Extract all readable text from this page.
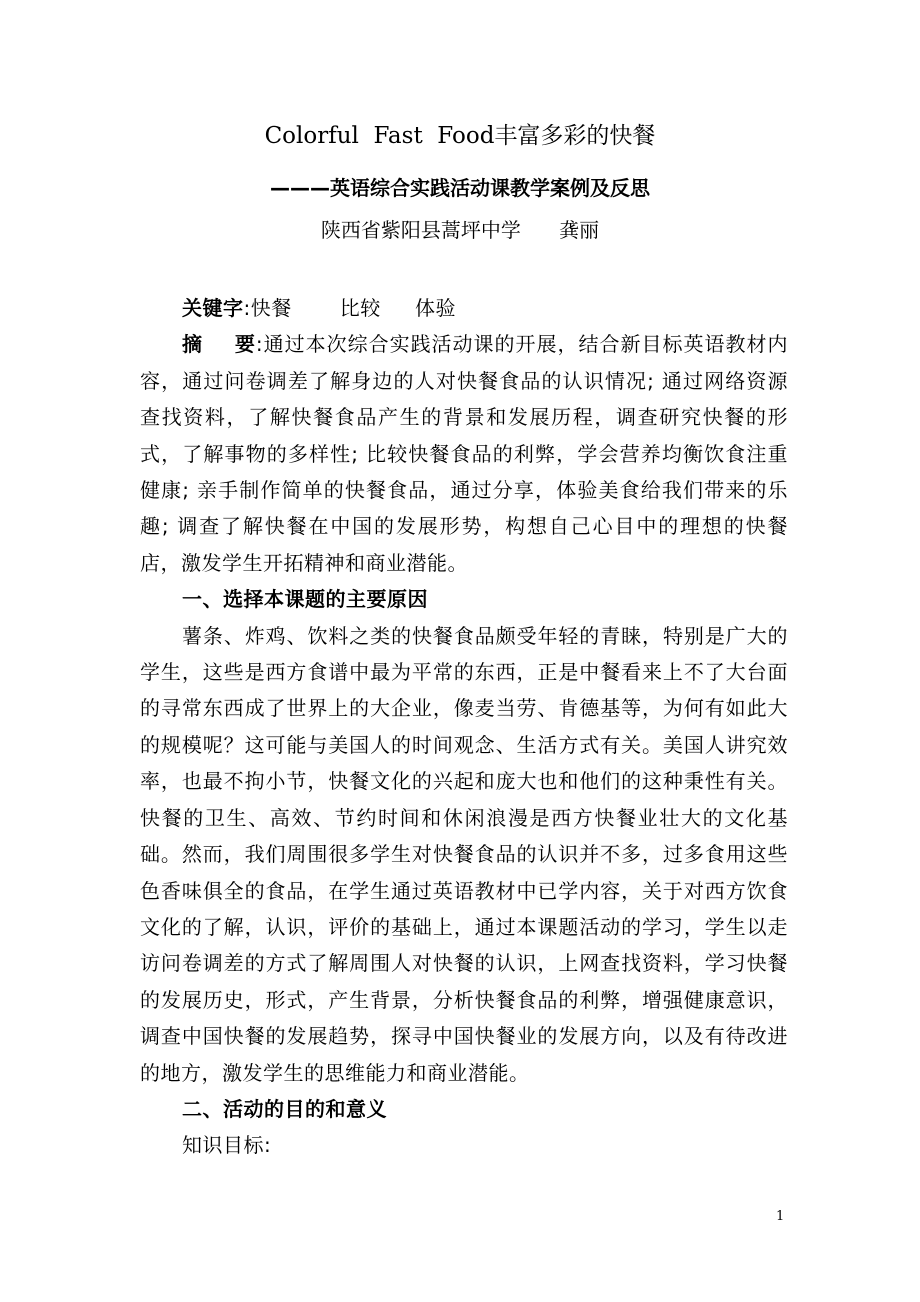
Colorful  Fast  Food丰富多彩的快餐
———英语综合实践活动课教学案例及反思
陕西省紫阳县蒿坪中学      龚丽

关键字:快餐       比较     体验

摘    要:通过本次综合实践活动课的开展，结合新目标英语教材内容，通过问卷调差了解身边的人对快餐食品的认识情况; 通过网络资源查找资料，了解快餐食品产生的背景和发展历程，调查研究快餐的形式，了解事物的多样性; 比较快餐食品的利弊，学会营养均衡饮食注重健康; 亲手制作简单的快餐食品，通过分享，体验美食给我们带来的乐趣; 调查了解快餐在中国的发展形势，构想自己心目中的理想的快餐店，激发学生开拓精神和商业潜能。

一、选择本课题的主要原因

薯条、炸鸡、饮料之类的快餐食品颇受年轻的青睐，特别是广大的学生，这些是西方食谱中最为平常的东西，正是中餐看来上不了大台面的寻常东西成了世界上的大企业，像麦当劳、肯德基等，为何有如此大的规模呢？这可能与美国人的时间观念、生活方式有关。美国人讲究效率，也最不拘小节，快餐文化的兴起和庞大也和他们的这种秉性有关。快餐的卫生、高效、节约时间和休闲浪漫是西方快餐业壮大的文化基础。然而，我们周围很多学生对快餐食品的认识并不多，过多食用这些色香味俱全的食品，在学生通过英语教材中已学内容，关于对西方饮食文化的了解，认识，评价的基础上，通过本课题活动的学习，学生以走访问卷调差的方式了解周围人对快餐的认识，上网查找资料，学习快餐的发展历史，形式，产生背景，分析快餐食品的利弊，增强健康意识，调查中国快餐的发展趋势，探寻中国快餐业的发展方向，以及有待改进的地方，激发学生的思维能力和商业潜能。

二、活动的目的和意义

知识目标:

1
